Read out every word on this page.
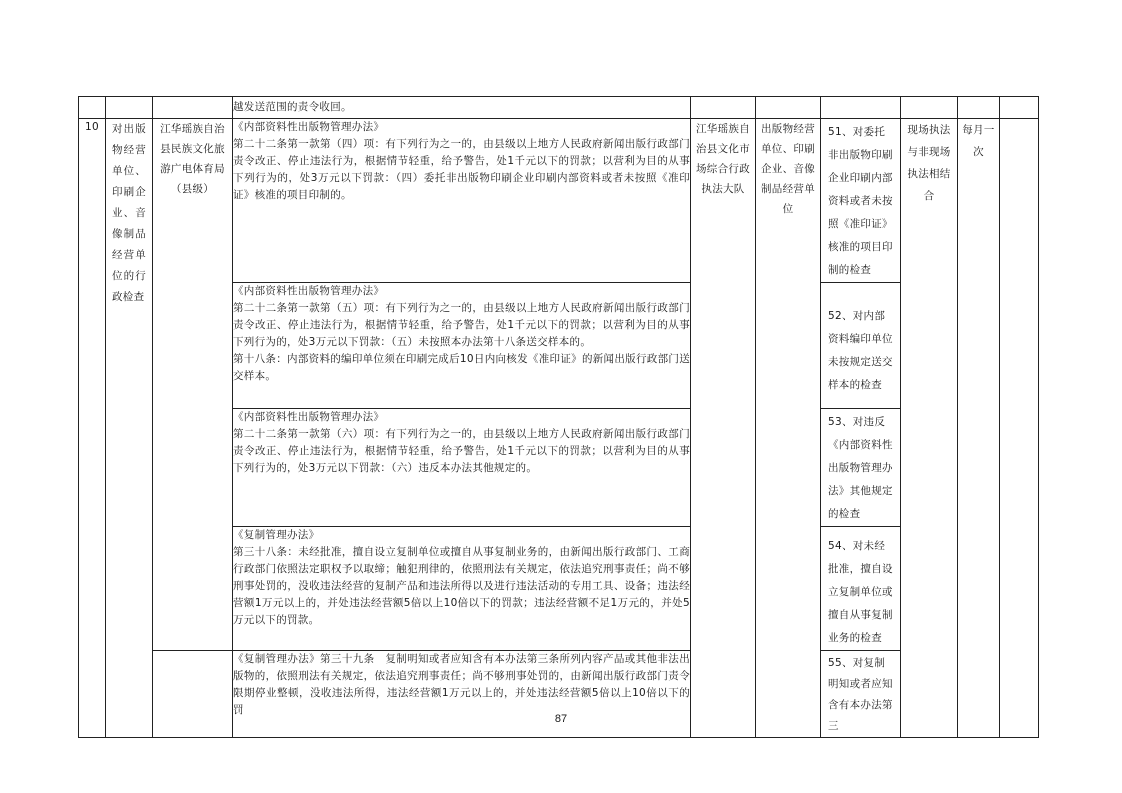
			越发送范围的责令收回。						

10	对出版物经营单位、印刷企业、音像制品经营单位的行政检查	江华瑶族自治县民族文化旅游广电体育局（县级）	《内部资料性出版物管理办法》
第二十二条第一款第（四）项：有下列行为之一的，由县级以上地方人民政府新闻出版行政部门责令改正、停止违法行为，根据情节轻重，给予警告，处1千元以下的罚款；以营利为目的从事下列行为的，处3万元以下罚款：（四）委托非出版物印刷企业印刷内部资料或者未按照《准印证》核准的项目印制的。	江华瑶族自治县文化市场综合行政执法大队	出版物经营单位、印刷企业、音像制品经营单位	51、对委托非出版物印刷企业印刷内部资料或者未按照《准印证》核准的项目印制的检查	现场执法与非现场执法相结合	每月一次	

			《内部资料性出版物管理办法》
第二十二条第一款第（五）项：有下列行为之一的，由县级以上地方人民政府新闻出版行政部门责令改正、停止违法行为，根据情节轻重，给予警告，处1千元以下的罚款；以营利为目的从事下列行为的，处3万元以下罚款：（五）未按照本办法第十八条送交样本的。
第十八条：内部资料的编印单位须在印刷完成后10日内向核发《准印证》的新闻出版行政部门送交样本。			52、对内部资料编印单位未按规定送交样本的检查			

			《内部资料性出版物管理办法》
第二十二条第一款第（六）项：有下列行为之一的，由县级以上地方人民政府新闻出版行政部门责令改正、停止违法行为，根据情节轻重，给予警告，处1千元以下的罚款；以营利为目的从事下列行为的，处3万元以下罚款：（六）违反本办法其他规定的。			53、对违反《内部资料性出版物管理办法》其他规定的检查			

			《复制管理办法》
第三十八条：未经批准，擅自设立复制单位或擅自从事复制业务的，由新闻出版行政部门、工商行政部门依照法定职权予以取缔；触犯刑律的，依照刑法有关规定，依法追究刑事责任；尚不够刑事处罚的，没收违法经营的复制产品和违法所得以及进行违法活动的专用工具、设备；违法经营额1万元以上的，并处违法经营额5倍以上10倍以下的罚款；违法经营额不足1万元的，并处5万元以下的罚款。			54、对未经批准，擅自设立复制单位或擅自从事复制业务的检查			

			《复制管理办法》第三十九条　复制明知或者应知含有本办法第三条所列内容产品或其他非法出版物的，依照刑法有关规定，依法追究刑事责任；尚不够刑事处罚的，由新闻出版行政部门责令限期停业整顿，没收违法所得，违法经营额1万元以上的，并处违法经营额5倍以上10倍以下的罚			55、对复制明知或者应知含有本办法第三			
87
